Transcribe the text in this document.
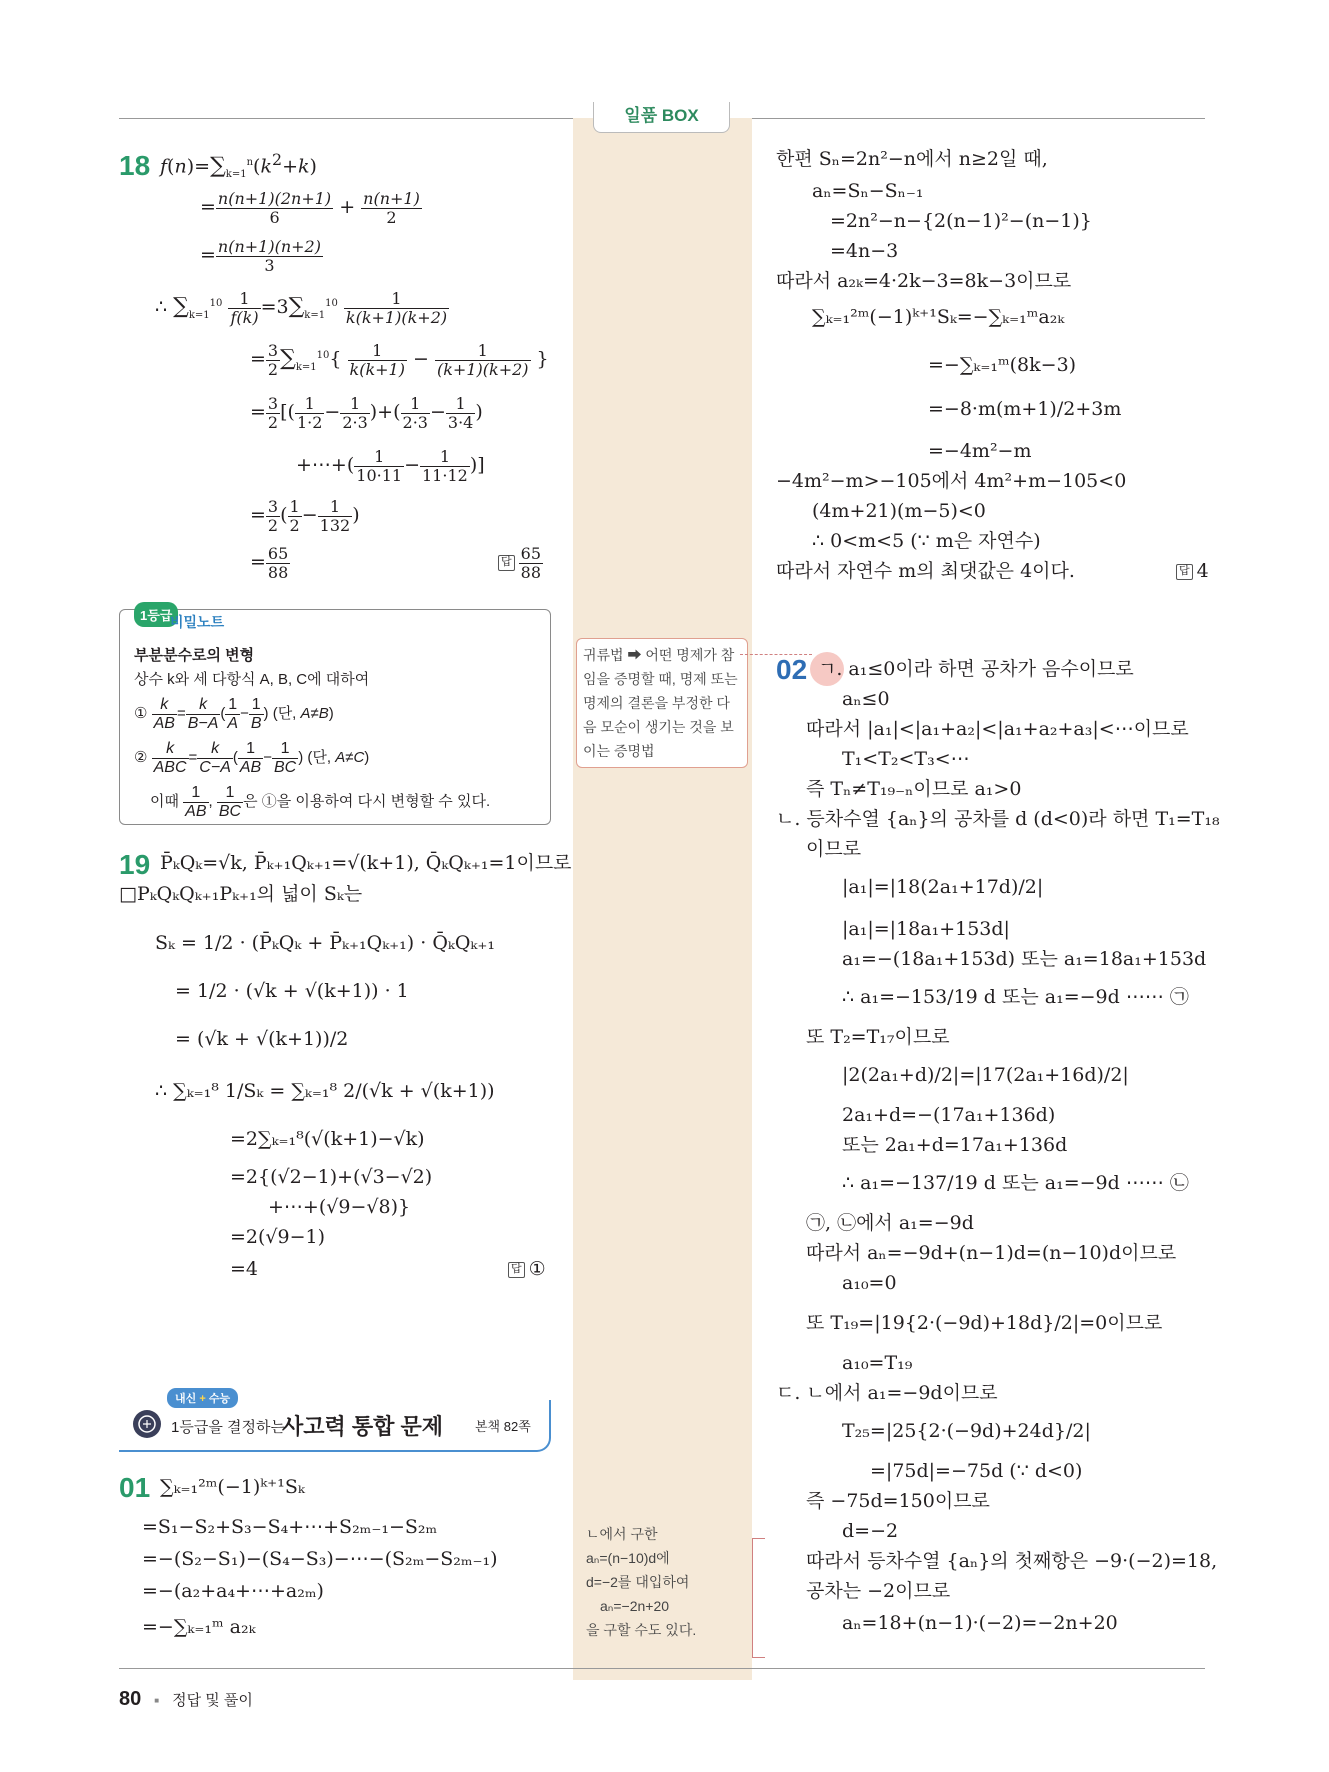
일품 BOX
18 $f(n)=\sum_{k=1}^n(k^2+k)$
= $\frac{n(n+1)(2n+1)}{6} + \frac{n(n+1)}{2}$
= $\frac{n(n+1)(n+2)}{3}$
∴ $\sum_{k=1}^{10} \frac{1}{f(k)} =3\sum_{k=1}^{10} \frac{1}{k(k+1)(k+2)}$
= $\frac{3}{2} \sum_{k=1}^{10}\{ \frac{1}{k(k+1)} - \frac{1}{(k+1)(k+2)}$ }
= $\frac{3}{2}$ [( $\frac{1}{1\cdot 2} - \frac{1}{2\cdot 3}$ )+( $\frac{1}{2\cdot 3} - \frac{1}{3\cdot 4}$ )
+⋯+( $\frac{1}{10\cdot 11} - \frac{1}{11\cdot 12}$ )]
= $\frac{3}{2}$ ( $\frac{1}{2} - \frac{1}{132}$ )
= $\frac{65}{88}$	답 $\frac{65}{88}$
1등급
비밀노트
부분분수로의 변형
상수 k와 세 다항식 A, B, C에 대하여
① $\frac{k}{AB} = \frac{k}{B-A}$ ( $\frac{1}{A} - \frac{1}{B}$ ) (단, A≠B)
② $\frac{k}{\text{ABC}} = \frac{k}{C-A}$ ( $\frac{1}{AB} - \frac{1}{BC}$ ) (단, A≠C)
이때 $\frac{1}{AB}$ , $\frac{1}{BC}$ 은 ①을 이용하여 다시 변형할 수 있다.
19 P̄ₖQₖ=√k, P̄ₖ₊₁Qₖ₊₁=√(k+1), Q̄ₖQₖ₊₁=1이므로
□PₖQₖQₖ₊₁Pₖ₊₁의 넓이 Sₖ는
Sₖ = 1/2 · (P̄ₖQₖ + P̄ₖ₊₁Qₖ₊₁) · Q̄ₖQₖ₊₁
= 1/2 · (√k + √(k+1)) · 1
= (√k + √(k+1))/2
∴ ∑ₖ₌₁⁸ 1/Sₖ = ∑ₖ₌₁⁸ 2/(√k + √(k+1))
=2∑ₖ₌₁⁸(√(k+1)−√k)
=2{(√2−1)+(√3−√2)
+⋯+(√9−√8)}
=2(√9−1)
=4	답 ①
내신 + 수능
1등급을 결정하는
사고력 통합 문제 본책 82쪽
01 ∑ₖ₌₁²ᵐ(−1)ᵏ⁺¹Sₖ
=S₁−S₂+S₃−S₄+⋯+S₂ₘ₋₁−S₂ₘ
=−(S₂−S₁)−(S₄−S₃)−⋯−(S₂ₘ−S₂ₘ₋₁)
=−(a₂+a₄+⋯+a₂ₘ)
=−∑ₖ₌₁ᵐ a₂ₖ
귀류법 ➡ 어떤 명제가 참임을 증명할 때, 명제 또는 명제의 결론을 부정한 다음 모순이 생기는 것을 보이는 증명법
ㄴ에서 구한
aₙ=(n−10)d에
d=−2를 대입하여
aₙ=−2n+20
을 구할 수도 있다.
한편 Sₙ=2n²−n에서 n≥2일 때,
aₙ=Sₙ−Sₙ₋₁
=2n²−n−{2(n−1)²−(n−1)}
=4n−3
따라서 a₂ₖ=4·2k−3=8k−3이므로
∑ₖ₌₁²ᵐ(−1)ᵏ⁺¹Sₖ=−∑ₖ₌₁ᵐa₂ₖ
=−∑ₖ₌₁ᵐ(8k−3)
=−8·m(m+1)/2+3m
=−4m²−m
−4m²−m>−105에서 4m²+m−105<0
(4m+21)(m−5)<0
∴ 0<m<5 (∵ m은 자연수)
따라서 자연수 m의 최댓값은 4이다.	답 4
02 ㄱ. a₁≤0이라 하면 공차가 음수이므로
aₙ≤0
따라서 |a₁|<|a₁+a₂|<|a₁+a₂+a₃|<⋯이므로
T₁<T₂<T₃<⋯
즉 Tₙ≠T₁₉₋ₙ이므로 a₁>0
ㄴ. 등차수열 {aₙ}의 공차를 d (d<0)라 하면 T₁=T₁₈
이므로
|a₁|=|18(2a₁+17d)/2|
|a₁|=|18a₁+153d|
a₁=−(18a₁+153d) 또는 a₁=18a₁+153d
∴ a₁=−153/19 d 또는 a₁=−9d ⋯⋯ ㉠
또 T₂=T₁₇이므로
|2(2a₁+d)/2|=|17(2a₁+16d)/2|
2a₁+d=−(17a₁+136d)
또는 2a₁+d=17a₁+136d
∴ a₁=−137/19 d 또는 a₁=−9d ⋯⋯ ㉡
㉠, ㉡에서 a₁=−9d
따라서 aₙ=−9d+(n−1)d=(n−10)d이므로
a₁₀=0
또 T₁₉=|19{2·(−9d)+18d}/2|=0이므로
a₁₀=T₁₉
ㄷ. ㄴ에서 a₁=−9d이므로
T₂₅=|25{2·(−9d)+24d}/2|
=|75d|=−75d (∵ d<0)
즉 −75d=150이므로
d=−2
따라서 등차수열 {aₙ}의 첫째항은 −9·(−2)=18,
공차는 −2이므로
aₙ=18+(n−1)·(−2)=−2n+20
80 ■ 정답 및 풀이
